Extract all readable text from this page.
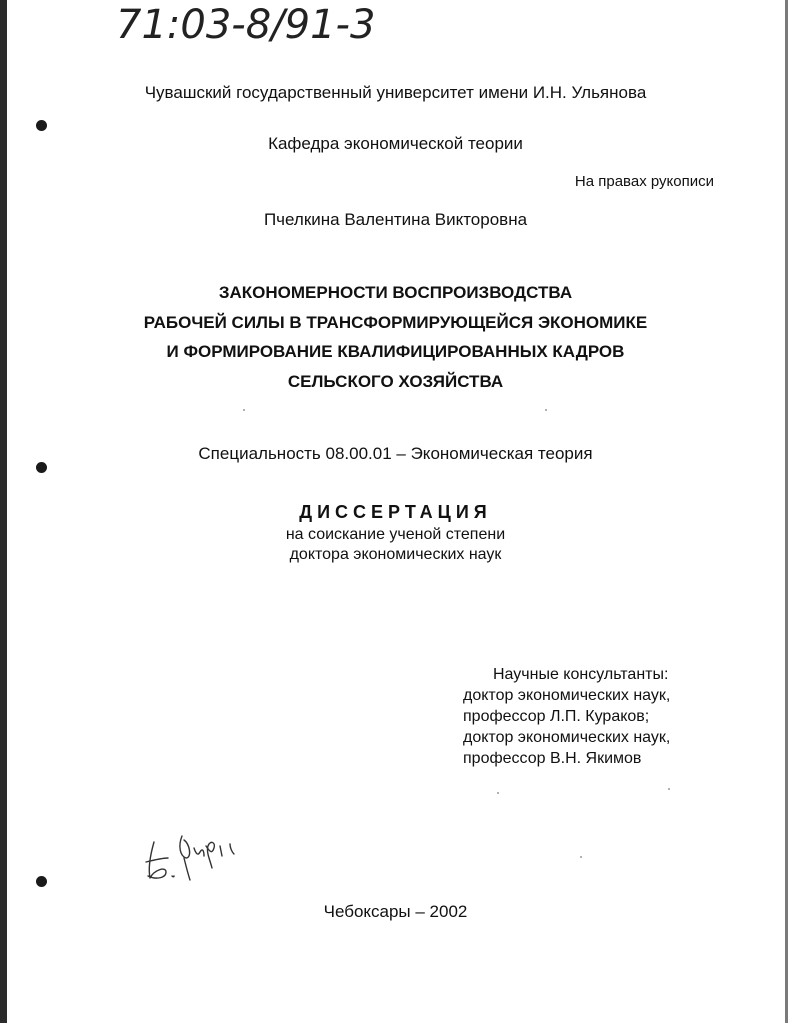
71:03-8/91-3
Чувашский государственный университет имени И.Н. Ульянова
Кафедра экономической теории
На правах рукописи
Пчелкина Валентина Викторовна
ЗАКОНОМЕРНОСТИ ВОСПРОИЗВОДСТВА
РАБОЧЕЙ СИЛЫ В ТРАНСФОРМИРУЮЩЕЙСЯ ЭКОНОМИКЕ
И ФОРМИРОВАНИЕ КВАЛИФИЦИРОВАННЫХ КАДРОВ
СЕЛЬСКОГО ХОЗЯЙСТВА
Специальность 08.00.01 – Экономическая теория
ДИССЕРТАЦИЯ
на соискание ученой степени
доктора экономических наук
Научные консультанты:
доктор экономических наук,
профессор Л.П. Кураков;
доктор экономических наук,
профессор В.Н. Якимов
Чебоксары – 2002
